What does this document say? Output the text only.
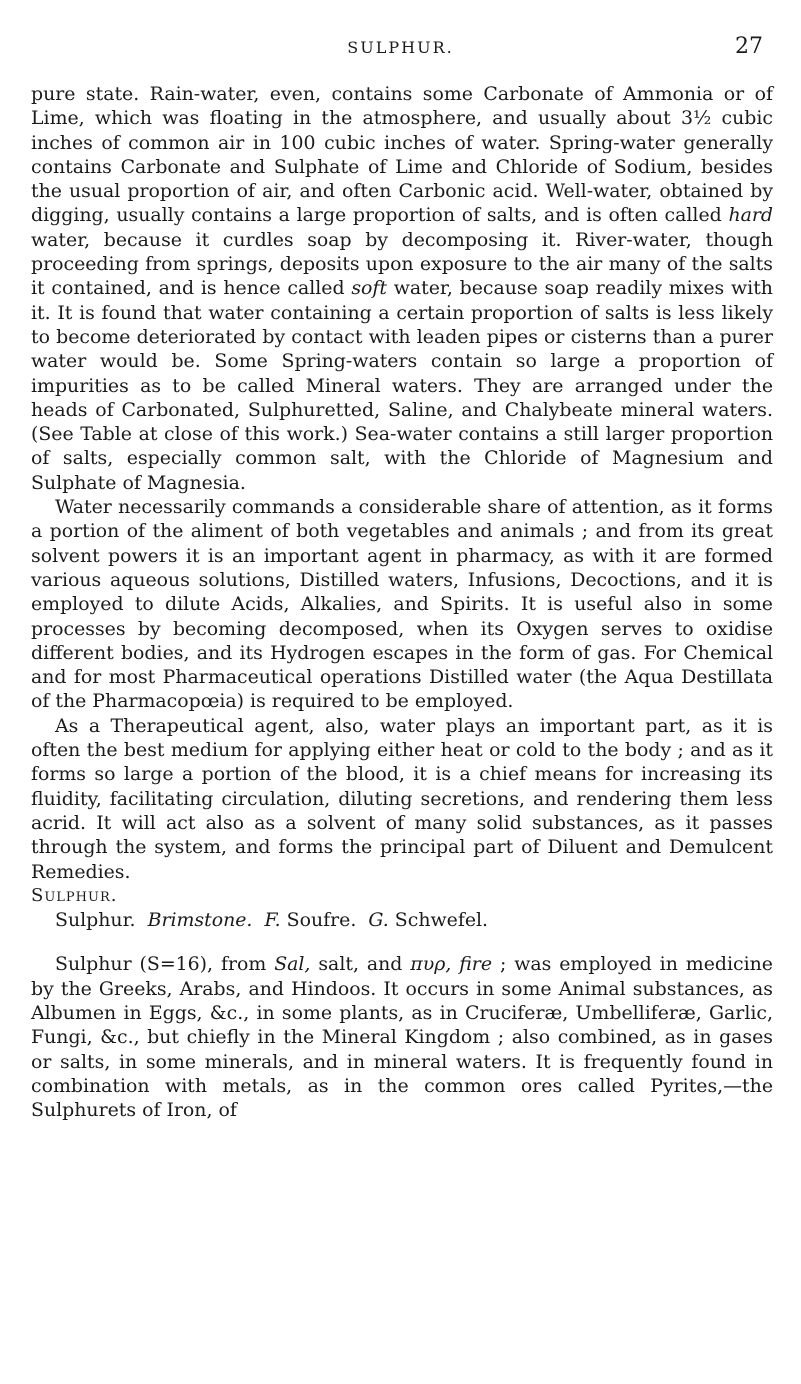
SULPHUR.	27

pure state. Rain-water, even, contains some Carbonate of Ammonia or of Lime, which was floating in the atmosphere, and usually about 3½ cubic inches of common air in 100 cubic inches of water. Spring-water generally contains Carbonate and Sulphate of Lime and Chloride of Sodium, besides the usual proportion of air, and often Carbonic acid. Well-water, obtained by digging, usually contains a large proportion of salts, and is often called hard water, because it curdles soap by decomposing it. River-water, though proceeding from springs, deposits upon exposure to the air many of the salts it contained, and is hence called soft water, because soap readily mixes with it. It is found that water containing a certain proportion of salts is less likely to become deteriorated by contact with leaden pipes or cisterns than a purer water would be. Some Spring-waters contain so large a proportion of impurities as to be called Mineral waters. They are arranged under the heads of Carbonated, Sulphuretted, Saline, and Chalybeate mineral waters. (See Table at close of this work.) Sea-water contains a still larger proportion of salts, especially common salt, with the Chloride of Magnesium and Sulphate of Magnesia.

Water necessarily commands a considerable share of attention, as it forms a portion of the aliment of both vegetables and animals ; and from its great solvent powers it is an important agent in pharmacy, as with it are formed various aqueous solutions, Distilled waters, Infusions, Decoctions, and it is employed to dilute Acids, Alkalies, and Spirits. It is useful also in some processes by becoming decomposed, when its Oxygen serves to oxidise different bodies, and its Hydrogen escapes in the form of gas. For Chemical and for most Pharmaceutical operations Distilled water (the Aqua Destillata of the Pharmacopœia) is required to be employed.

As a Therapeutical agent, also, water plays an important part, as it is often the best medium for applying either heat or cold to the body ; and as it forms so large a portion of the blood, it is a chief means for increasing its fluidity, facilitating circulation, diluting secretions, and rendering them less acrid. It will act also as a solvent of many solid substances, as it passes through the system, and forms the principal part of Diluent and Demulcent Remedies.

Sulphur.

Sulphur. Brimstone. F. Soufre. G. Schwefel.

Sulphur (S=16), from Sal, salt, and πυρ, fire ; was employed in medicine by the Greeks, Arabs, and Hindoos. It occurs in some Animal substances, as Albumen in Eggs, &c., in some plants, as in Cruciferæ, Umbelliferæ, Garlic, Fungi, &c., but chiefly in the Mineral Kingdom ; also combined, as in gases or salts, in some minerals, and in mineral waters. It is frequently found in combination with metals, as in the common ores called Pyrites,—the Sulphurets of Iron, of
